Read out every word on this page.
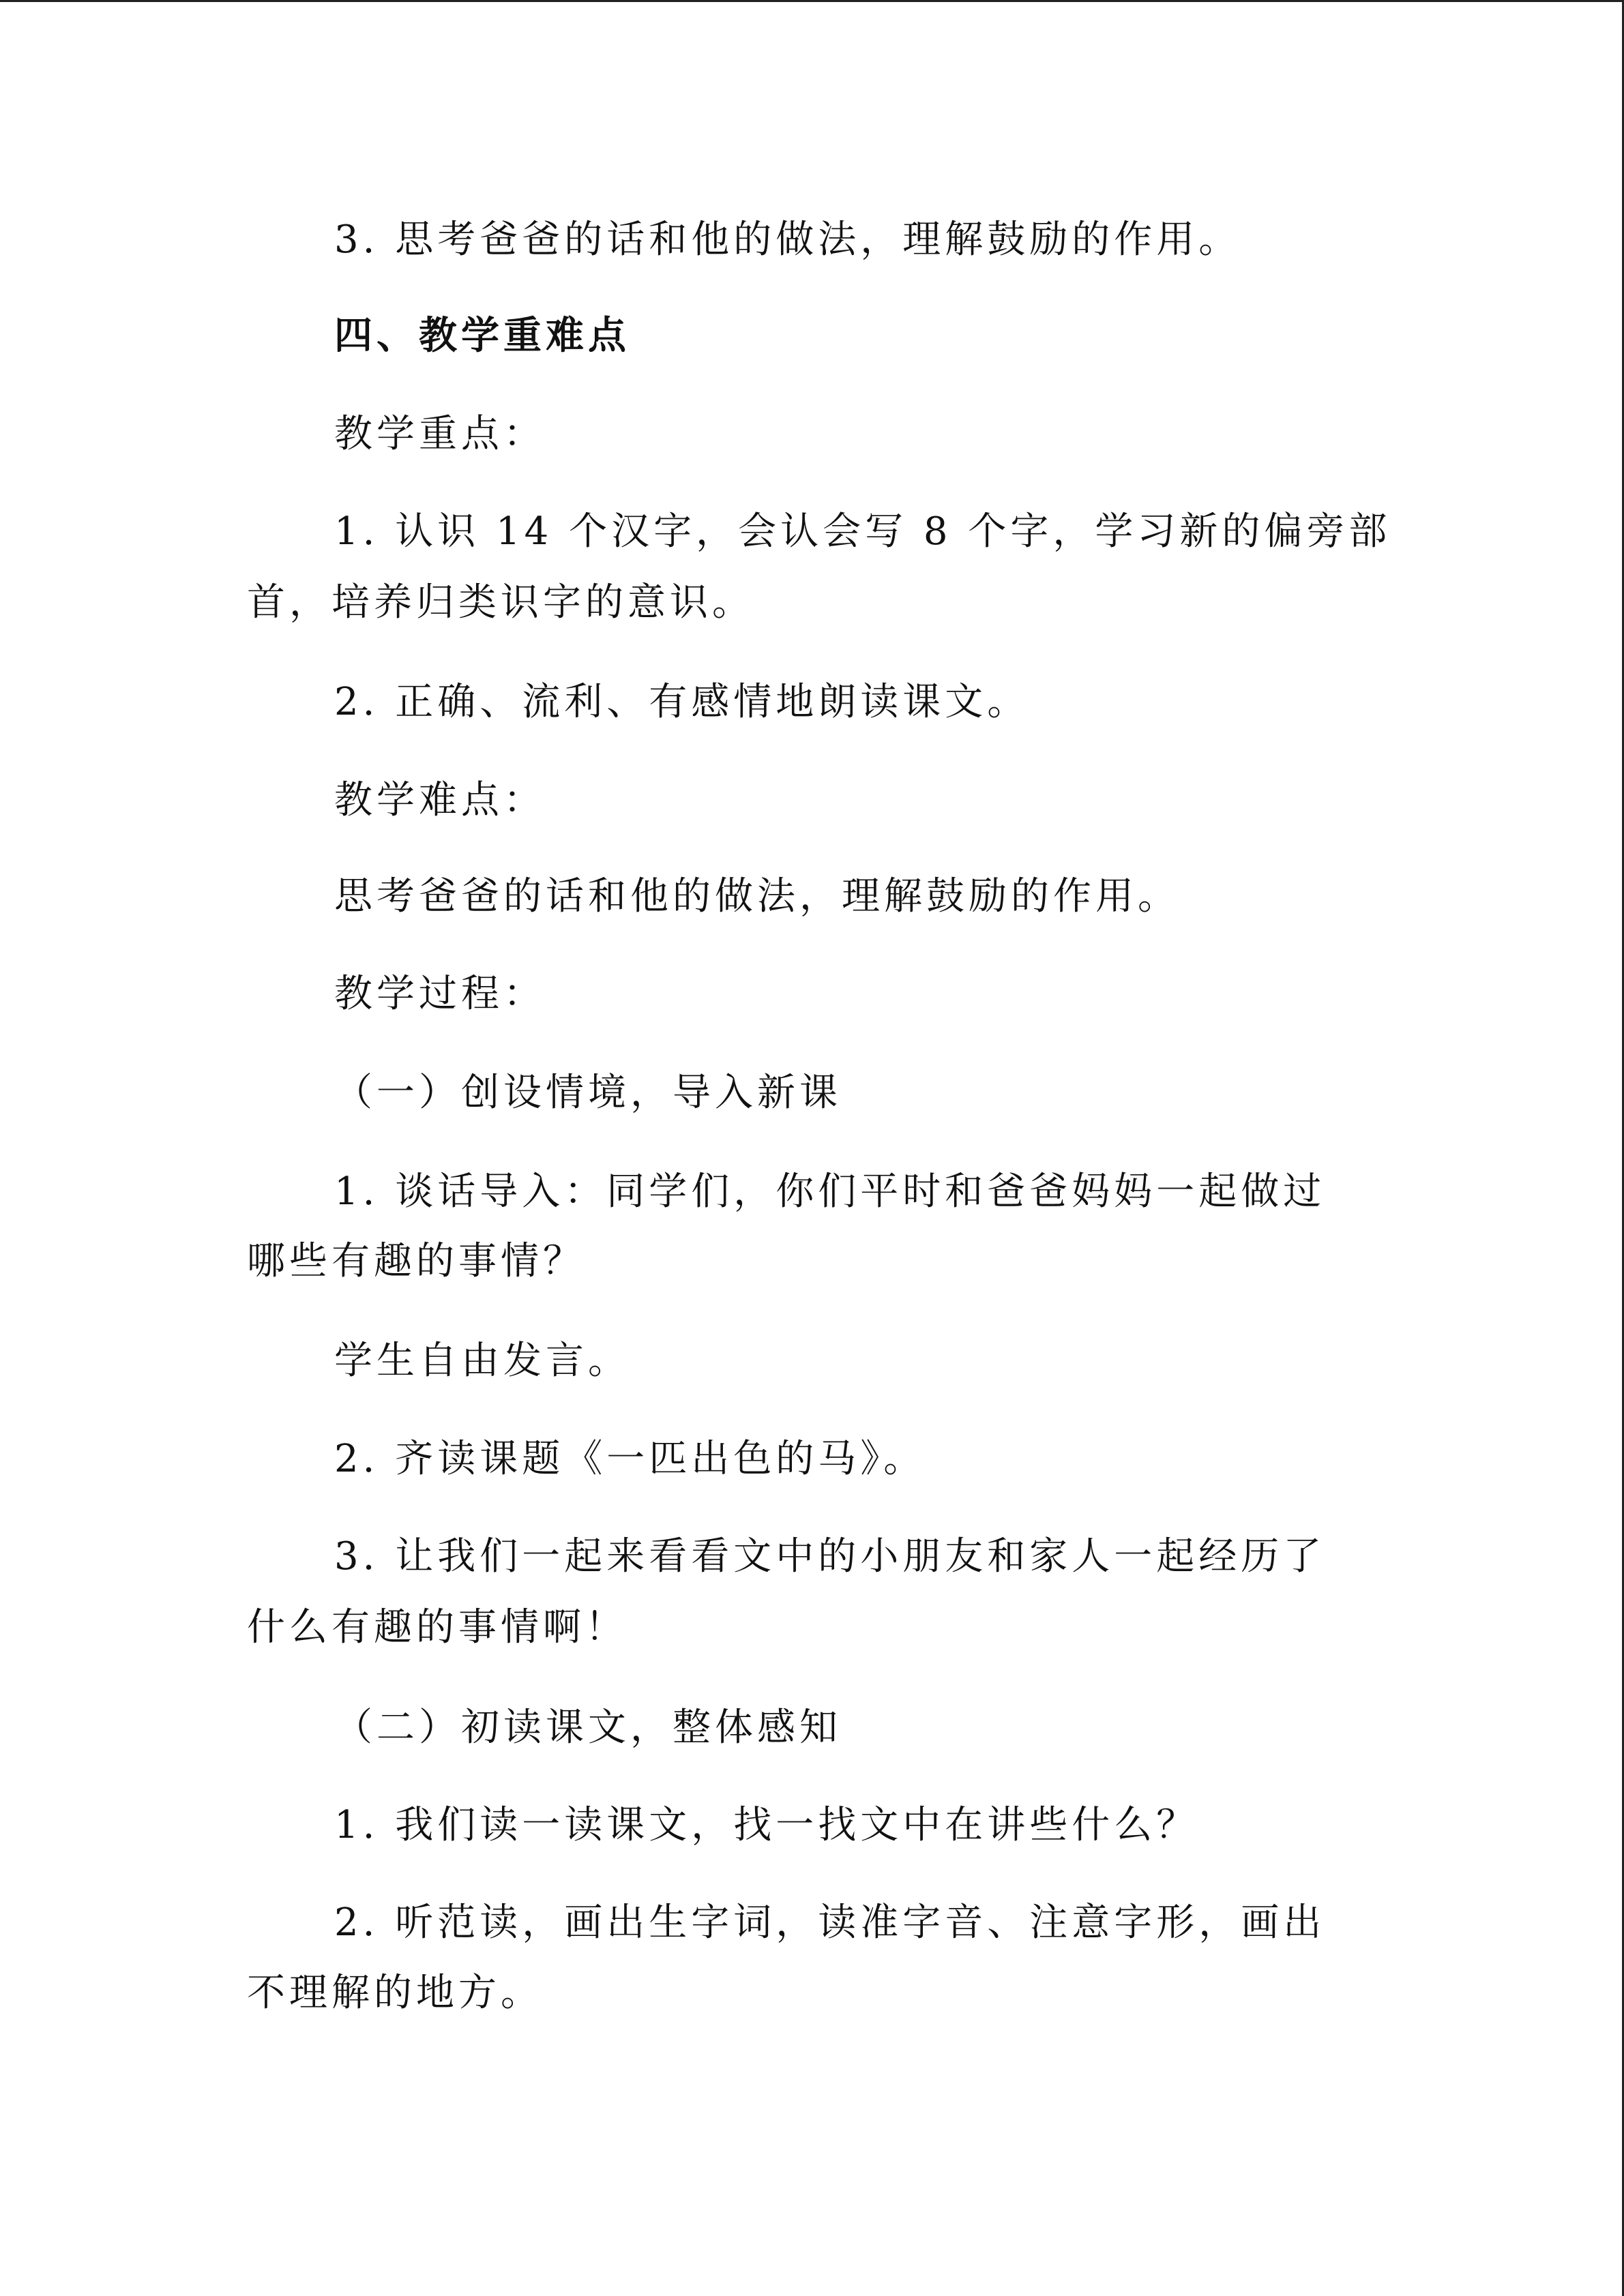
3. 思考爸爸的话和他的做法，理解鼓励的作用。

四、教学重难点

教学重点：

1. 认识 14 个汉字，会认会写 8 个字，学习新的偏旁部

首，培养归类识字的意识。

2. 正确、流利、有感情地朗读课文。

教学难点：

思考爸爸的话和他的做法，理解鼓励的作用。

教学过程：

（一）创设情境，导入新课

1. 谈话导入：同学们，你们平时和爸爸妈妈一起做过

哪些有趣的事情？

学生自由发言。

2. 齐读课题《一匹出色的马》。

3. 让我们一起来看看文中的小朋友和家人一起经历了

什么有趣的事情啊！

（二）初读课文，整体感知

1. 我们读一读课文，找一找文中在讲些什么？

2. 听范读，画出生字词，读准字音、注意字形，画出

不理解的地方。
